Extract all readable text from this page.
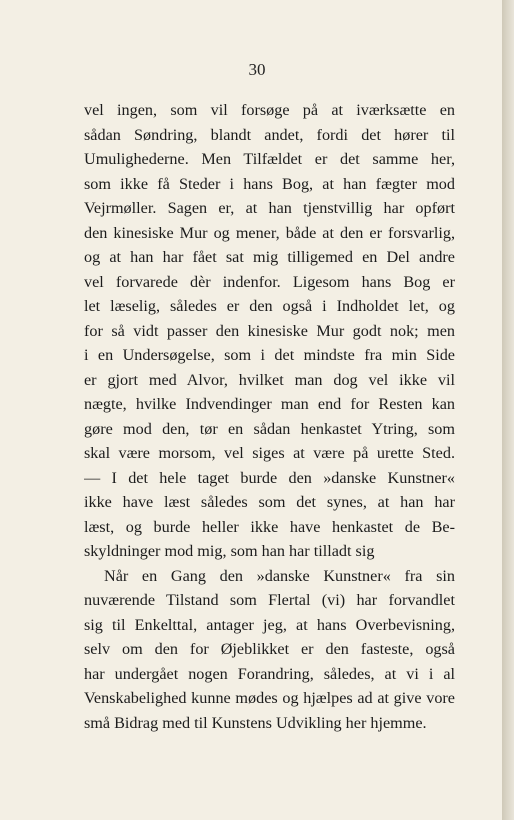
30
vel ingen, som vil forsøge på at iværksætte en
sådan Søndring, blandt andet, fordi det hører til
Umulighederne. Men Tilfældet er det samme her,
som ikke få Steder i hans Bog, at han fægter mod
Vejrmøller. Sagen er, at han tjenstvillig har opført
den kinesiske Mur og mener, både at den er forsvarlig,
og at han har fået sat mig tilligemed en Del andre
vel forvarede dèr indenfor. Ligesom hans Bog er
let læselig, således er den også i Indholdet let, og
for så vidt passer den kinesiske Mur godt nok; men
i en Undersøgelse, som i det mindste fra min Side
er gjort med Alvor, hvilket man dog vel ikke vil
nægte, hvilke Indvendinger man end for Resten kan
gøre mod den, tør en sådan henkastet Ytring, som
skal være morsom, vel siges at være på urette Sted.
— I det hele taget burde den »danske Kunstner«
ikke have læst således som det synes, at han har
læst, og burde heller ikke have henkastet de Be-
skyldninger mod mig, som han har tilladt sig
Når en Gang den »danske Kunstner« fra sin
nuværende Tilstand som Flertal (vi) har forvandlet
sig til Enkelttal, antager jeg, at hans Overbevisning,
selv om den for Øjeblikket er den fasteste, også
har undergået nogen Forandring, således, at vi i al
Venskabelighed kunne mødes og hjælpes ad at give vore
små Bidrag med til Kunstens Udvikling her hjemme.
